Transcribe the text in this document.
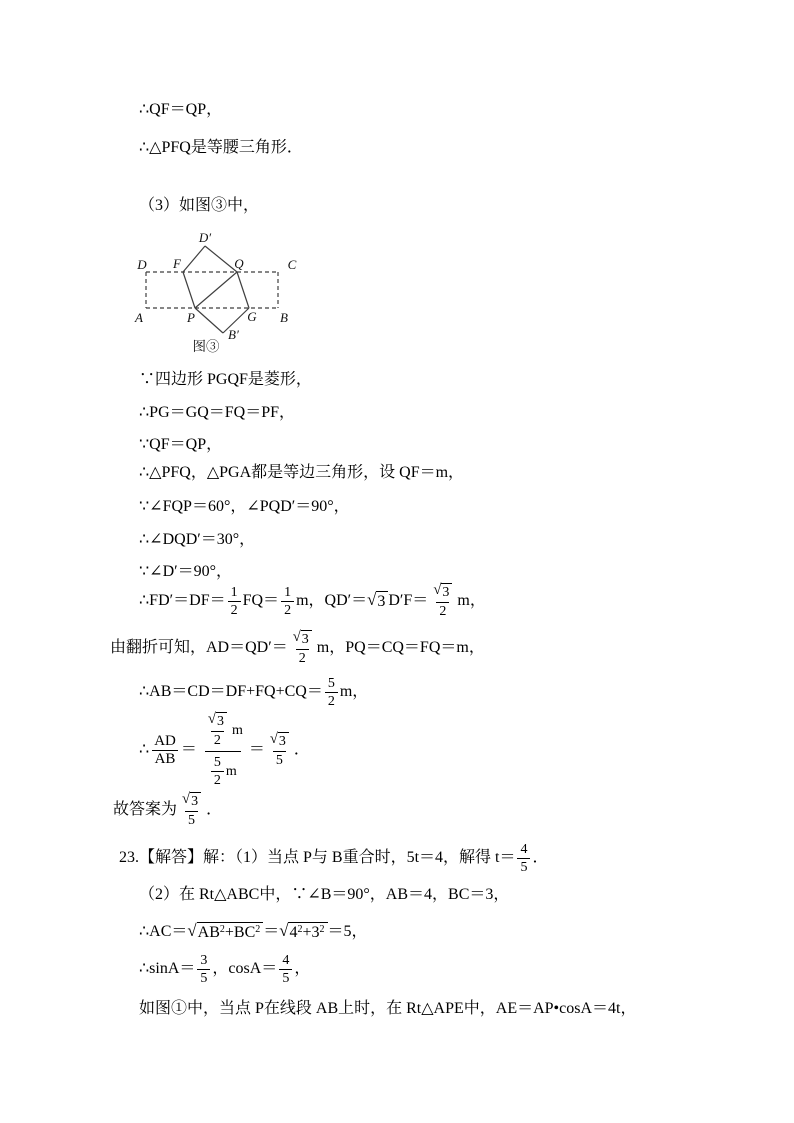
∴QF＝QP，
∴△PFQ是等腰三角形．
（3）如图③中，
D′
D F	Q	C
A	P	G B
B′
图③
∵四边形 PGQF是菱形，
∴PG＝GQ＝FQ＝PF，
∵QF＝QP，
∴△PFQ，△PGA都是等边三角形，设 QF＝m，
∵∠FQP＝60°，∠PQD′＝90°，
∴∠DQD′＝30°，
∵∠D′＝90°，
∴FD′＝DF＝ $\frac{1}{2} FQ= \frac{1}{2}$ m，QD′＝ √ 3 $D'F= \frac{√ 3}{2}$ m，
由翻折可知，$AD=QD'= \frac{√ 3}{2}$ m，PQ＝CQ＝FQ＝m，
∴AB＝CD＝DF+FQ+CQ＝ $\frac{5}{2}$ m，
∴ $\frac{AD}{AB}$ ＝
$\frac{√ 3}{2}$ m
$\frac{5}{2}$ m
＝ $\frac{√ 3}{5}$ ．
故答案为 $\frac{√ 3}{5}$ ．
23.【解答】解：（1）当点 P与 B重合时，5t＝4，解得 $t= \frac{4}{5}$ ．
（2）在 Rt△ABC中，∵∠B＝90°，AB＝4，BC＝3，
∴AC＝ √ $AB^2+BC^2$ ＝ √ $4^2+3^2 =5$，
∴sinA＝ $\frac{3}{5}$ ，$\cos A= \frac{4}{5}$ ，
如图①中，当点 P在线段 AB上时，在 Rt△APE中，AE＝AP•cosA＝4t，
